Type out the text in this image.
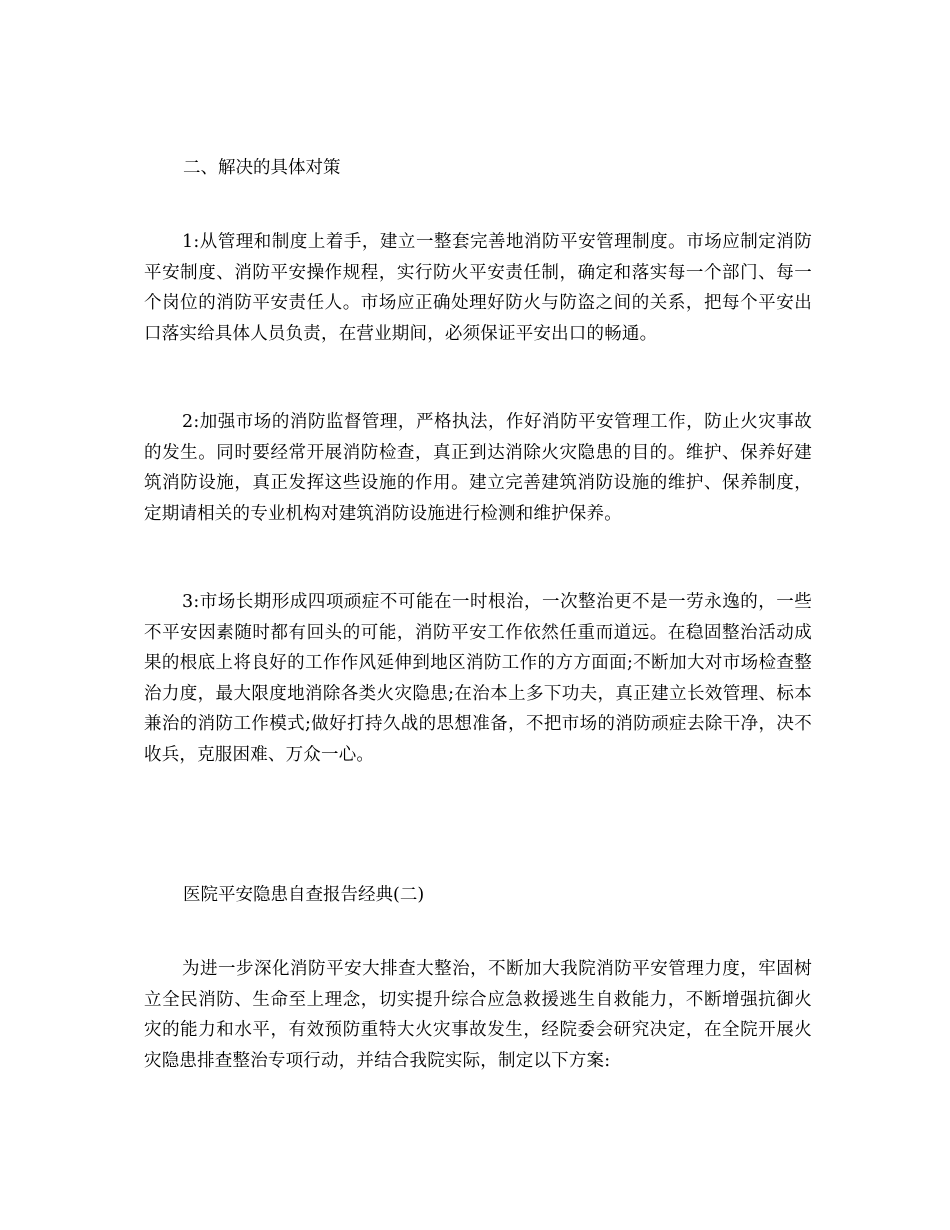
二、解决的具体对策

1:从管理和制度上着手，建立一整套完善地消防平安管理制度。市场应制定消防平安制度、消防平安操作规程，实行防火平安责任制，确定和落实每一个部门、每一个岗位的消防平安责任人。市场应正确处理好防火与防盗之间的关系，把每个平安出口落实给具体人员负责，在营业期间，必须保证平安出口的畅通。

2:加强市场的消防监督管理，严格执法，作好消防平安管理工作，防止火灾事故的发生。同时要经常开展消防检查，真正到达消除火灾隐患的目的。维护、保养好建筑消防设施，真正发挥这些设施的作用。建立完善建筑消防设施的维护、保养制度，定期请相关的专业机构对建筑消防设施进行检测和维护保养。

3:市场长期形成四项顽症不可能在一时根治，一次整治更不是一劳永逸的，一些不平安因素随时都有回头的可能，消防平安工作依然任重而道远。在稳固整治活动成果的根底上将良好的工作作风延伸到地区消防工作的方方面面;不断加大对市场检查整治力度，最大限度地消除各类火灾隐患;在治本上多下功夫，真正建立长效管理、标本兼治的消防工作模式;做好打持久战的思想准备，不把市场的消防顽症去除干净，决不收兵，克服困难、万众一心。

医院平安隐患自查报告经典(二)

为进一步深化消防平安大排查大整治，不断加大我院消防平安管理力度，牢固树立全民消防、生命至上理念，切实提升综合应急救援逃生自救能力，不断增强抗御火灾的能力和水平，有效预防重特大火灾事故发生，经院委会研究决定，在全院开展火灾隐患排查整治专项行动，并结合我院实际，制定以下方案:
